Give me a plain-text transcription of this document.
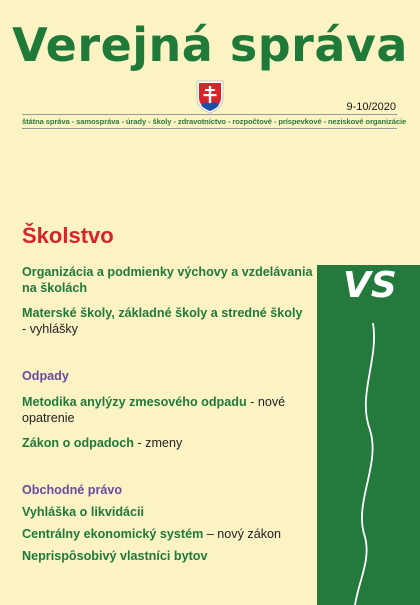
Verejná správa
9-10/2020
štátna správa - samospráva - úrady - školy - zdravotníctvo - rozpočtové - príspevkové - neziskové organizácie
Školstvo
VS

Organizácia a podmienky výchovy a vzdelávania

na školách

Materské školy, základné školy a stredné školy

- vyhlášky

Odpady

Metodika anylýzy zmesového odpadu - nové

opatrenie

Zákon o odpadoch - zmeny

Obchodné právo

Vyhláška o likvidácii

Centrálny ekonomický systém – nový zákon

Neprispôsobivý vlastníci bytov
